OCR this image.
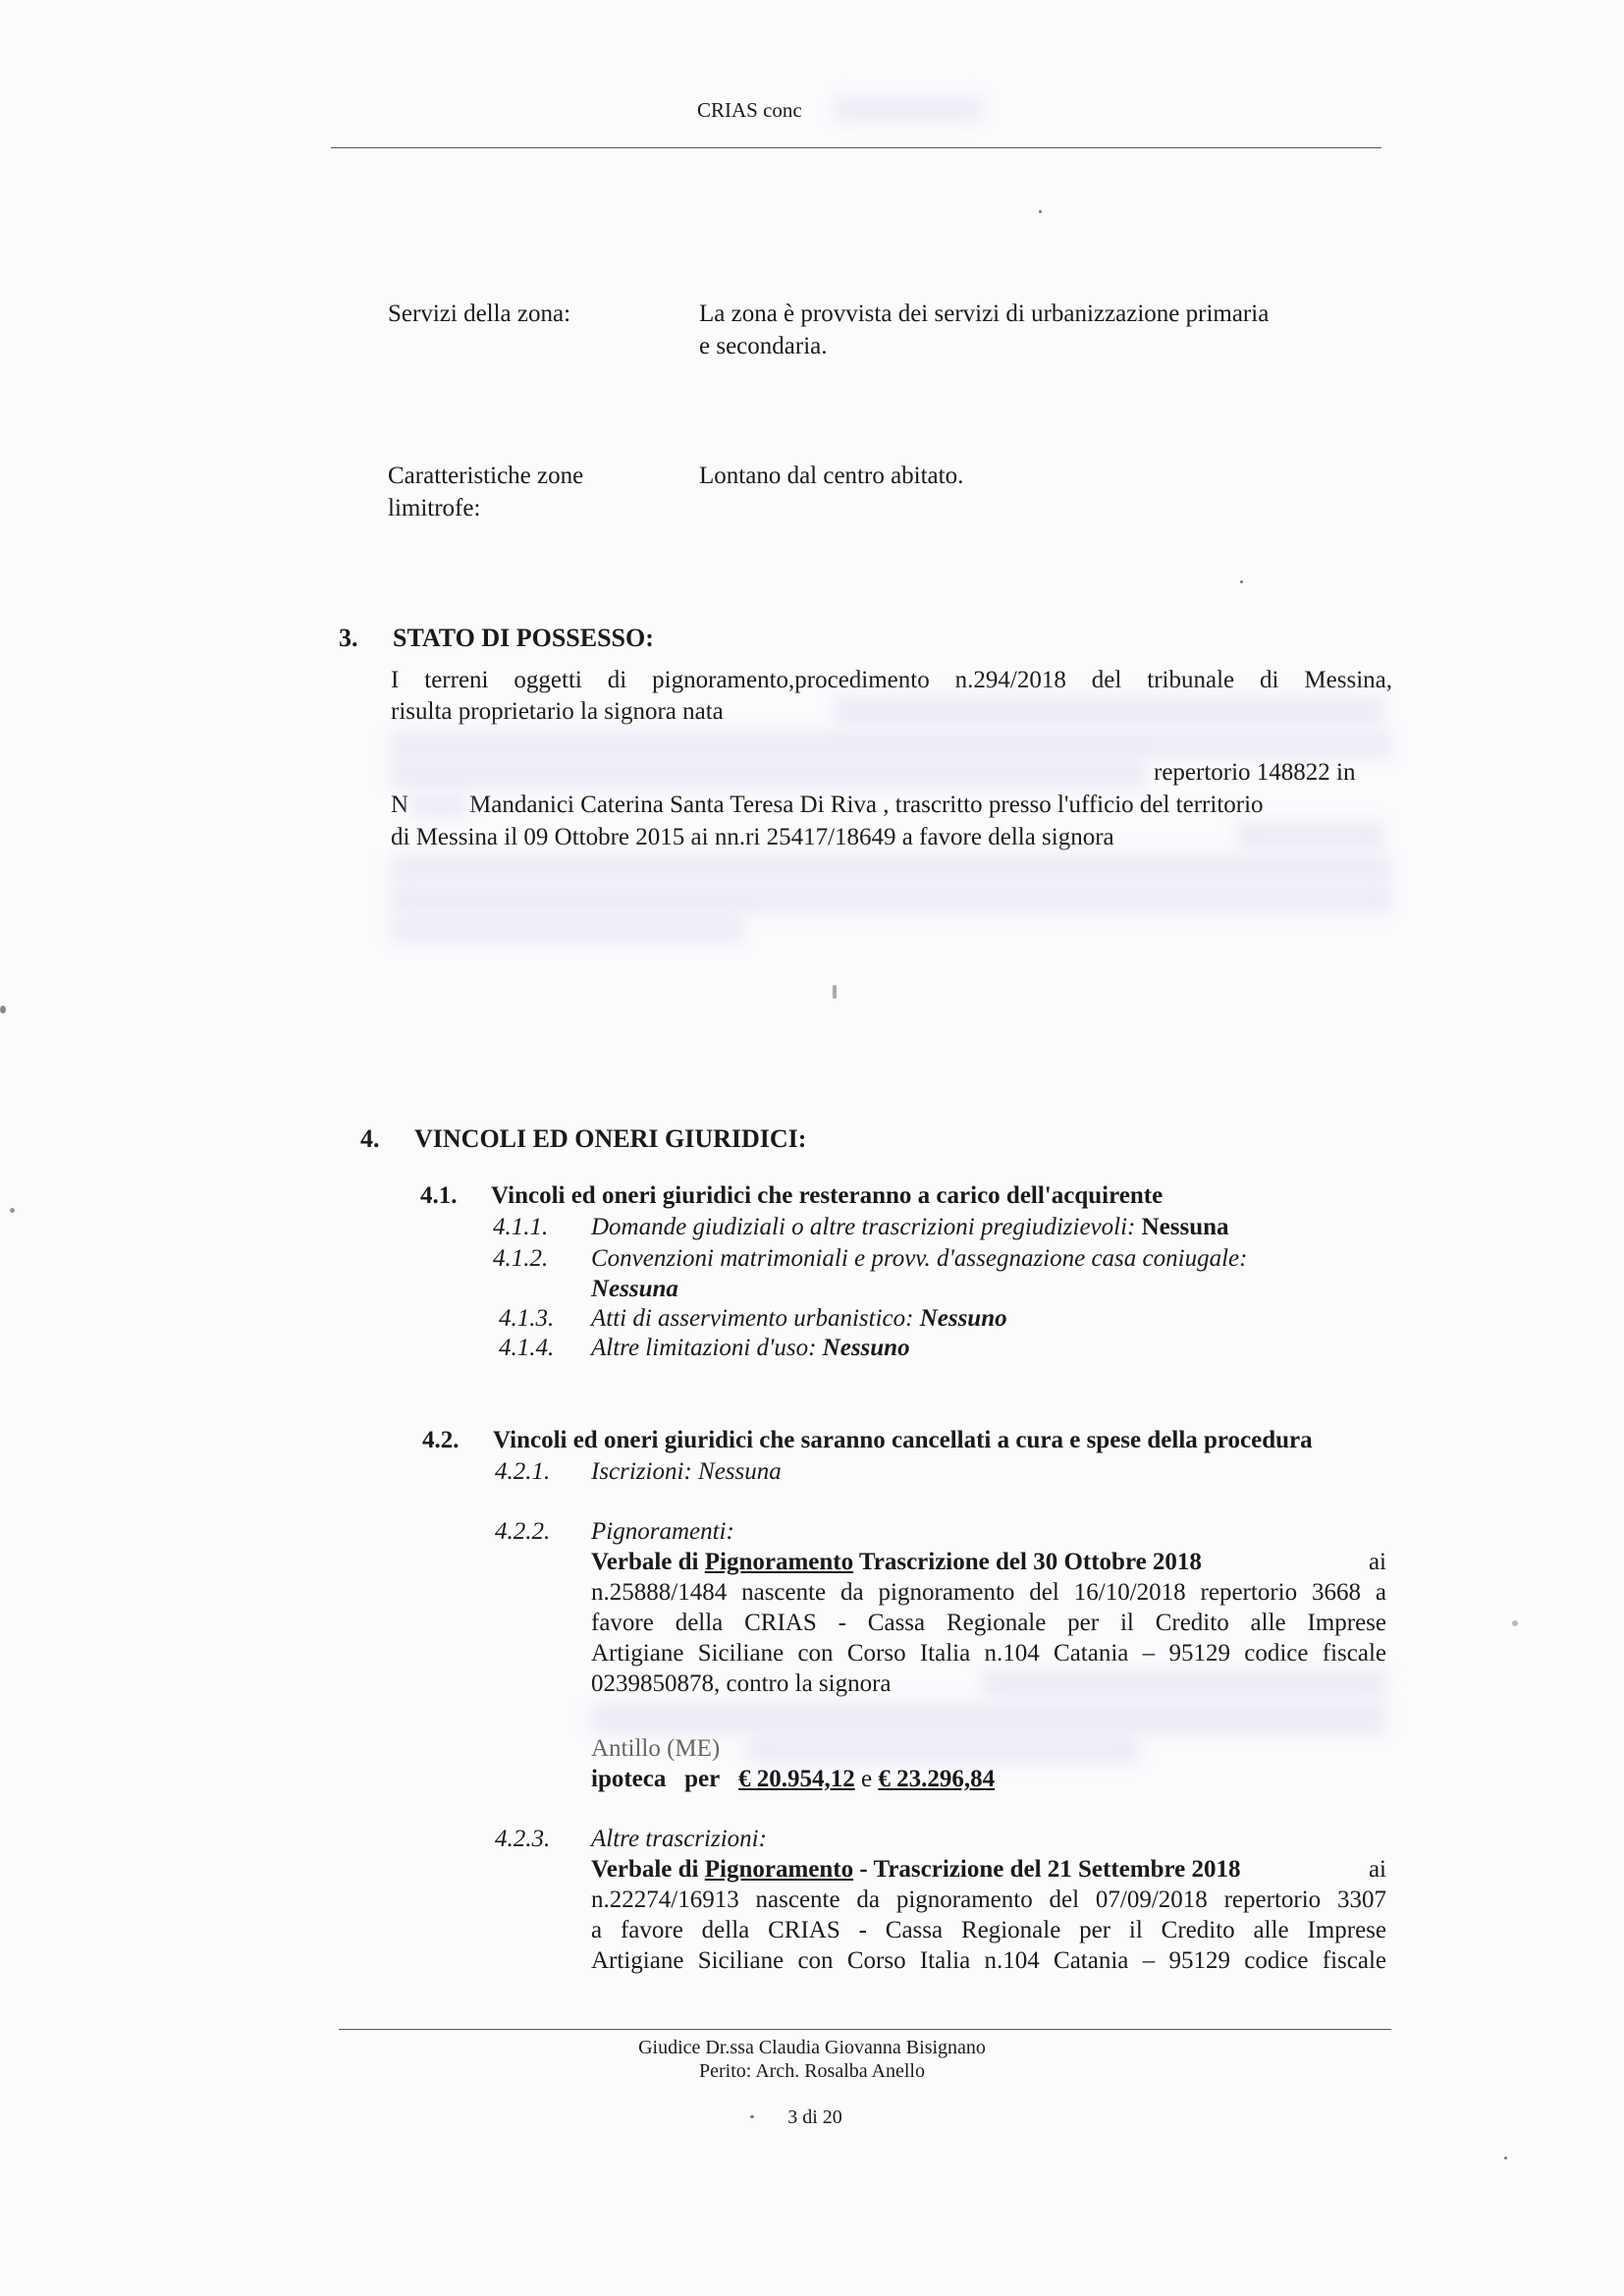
CRIAS conc
Servizi della zona:	La zona è provvista dei servizi di urbanizzazione primaria
e secondaria.
Caratteristiche zone
limitrofe:
Lontano dal centro abitato.
3. STATO DI POSSESSO:
I terreni oggetti di pignoramento,procedimento n.294/2018 del tribunale di Messina,
risulta proprietario la signora nata
repertorio 148822 in
N Mandanici Caterina Santa Teresa Di Riva , trascritto presso l'ufficio del territorio
di Messina il 09 Ottobre 2015 ai nn.ri 25417/18649 a favore della signora
4. VINCOLI ED ONERI GIURIDICI:
4.1. Vincoli ed oneri giuridici che resteranno a carico dell'acquirente
4.1.1. Domande giudiziali o altre trascrizioni pregiudizievoli: Nessuna
4.1.2. Convenzioni matrimoniali e provv. d'assegnazione casa coniugale:
Nessuna
4.1.3. Atti di asservimento urbanistico: Nessuno
4.1.4. Altre limitazioni d'uso: Nessuno
4.2. Vincoli ed oneri giuridici che saranno cancellati a cura e spese della procedura
4.2.1. Iscrizioni: Nessuna
4.2.2. Pignoramenti:
Verbale di Pignoramento Trascrizione del 30 Ottobre 2018	ai
n.25888/1484 nascente da pignoramento del 16/10/2018 repertorio 3668 a
favore della CRIAS - Cassa Regionale per il Credito alle Imprese
Artigiane Siciliane con Corso Italia n.104 Catania – 95129 codice fiscale
0239850878, contro la signora
Antillo (ME)
ipoteca per € 20.954,12 e € 23.296,84
4.2.3. Altre trascrizioni:
Verbale di Pignoramento - Trascrizione del 21 Settembre 2018	ai
n.22274/16913 nascente da pignoramento del 07/09/2018 repertorio 3307
a favore della CRIAS - Cassa Regionale per il Credito alle Imprese
Artigiane Siciliane con Corso Italia n.104 Catania – 95129 codice fiscale
Giudice Dr.ssa Claudia Giovanna Bisignano
Perito: Arch. Rosalba Anello
3 di 20
